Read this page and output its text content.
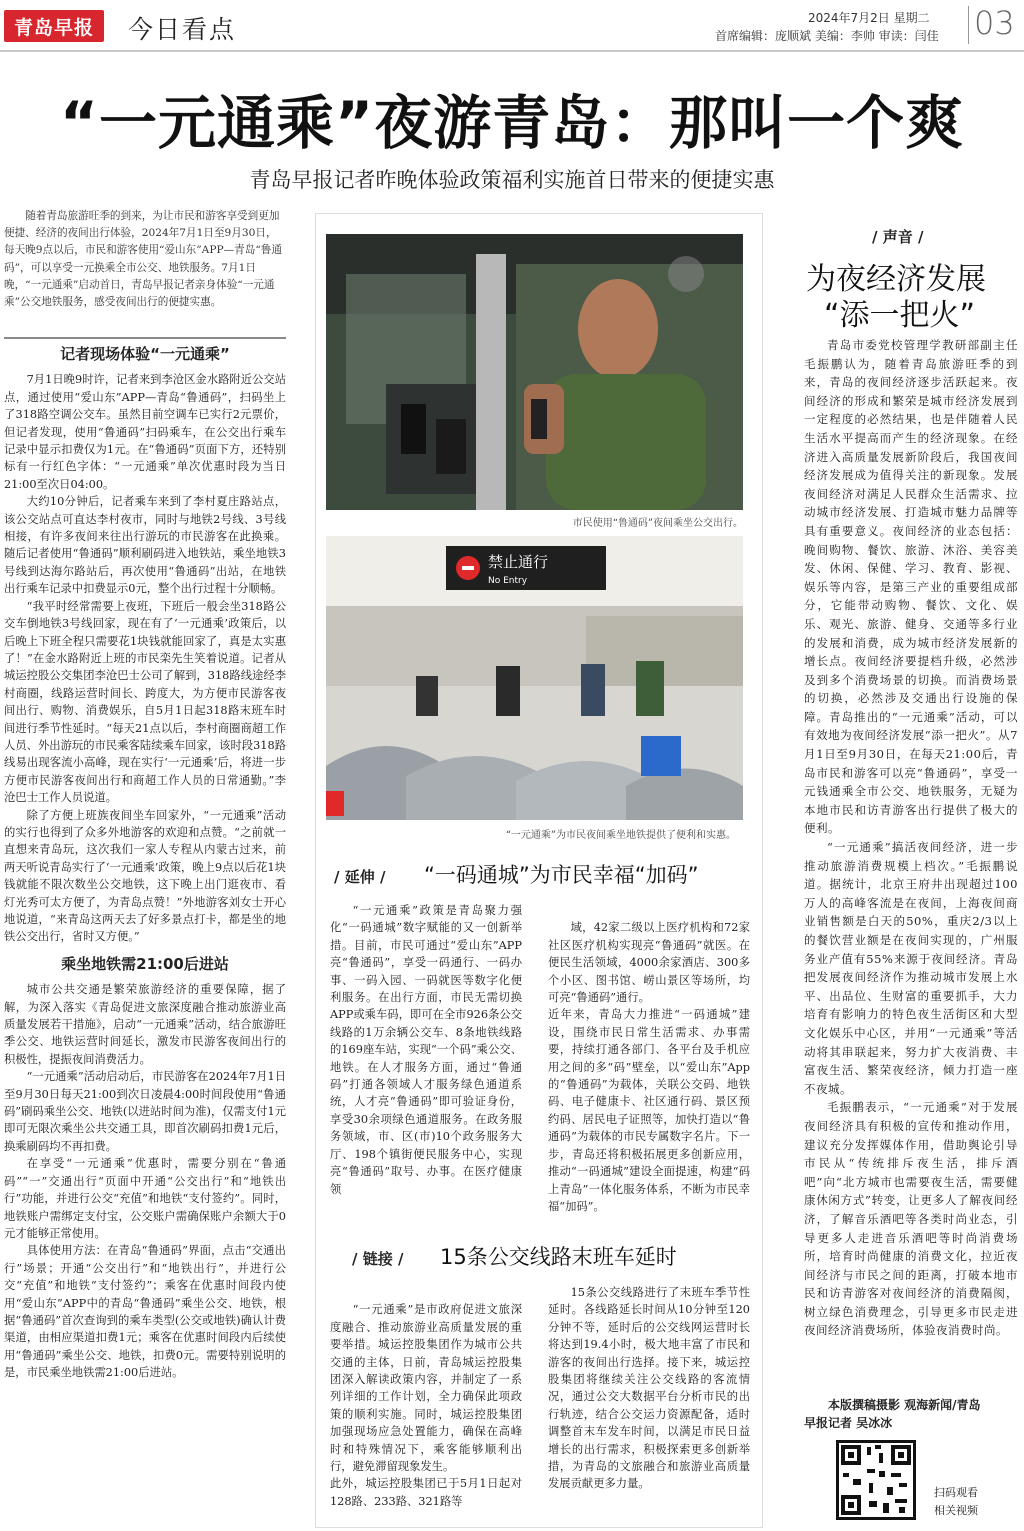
青岛早报	今日看点	2024年7月2日 星期二
首席编辑：庞顺斌 美编：李帅 审读：闫佳 03
“一元通乘”夜游青岛：那叫一个爽
青岛早报记者昨晚体验政策福利实施首日带来的便捷实惠

随着青岛旅游旺季的到来，为让市民和游客享受到更加便捷、经济的夜间出行体验，2024年7月1日至9月30日，每天晚9点以后，市民和游客使用“爱山东”APP—青岛“鲁通码”，可以享受一元换乘全市公交、地铁服务。7月1日晚，“一元通乘”启动首日，青岛早报记者亲身体验“一元通乘”公交地铁服务，感受夜间出行的便捷实惠。

记者现场体验“一元通乘”

7月1日晚9时许，记者来到李沧区金水路附近公交站点，通过使用“爱山东”APP—青岛“鲁通码”，扫码坐上了318路空调公交车。虽然目前空调车已实行2元票价，但记者发现，使用“鲁通码”扫码乘车，在公交出行乘车记录中显示扣费仅为1元。在“鲁通码”页面下方，还特别标有一行红色字体：“一元通乘”单次优惠时段为当日21:00至次日04:00。

大约10分钟后，记者乘车来到了李村夏庄路站点，该公交站点可直达李村夜市，同时与地铁2号线、3号线相接，有许多夜间来往出行游玩的市民游客在此换乘。随后记者使用“鲁通码”顺利刷码进入地铁站，乘坐地铁3号线到达海尔路站后，再次使用“鲁通码”出站，在地铁出行乘车记录中扣费显示0元，整个出行过程十分顺畅。

“我平时经常需要上夜班，下班后一般会坐318路公交车倒地铁3号线回家，现在有了‘一元通乘’政策后，以后晚上下班全程只需要花1块钱就能回家了，真是太实惠了！”在金水路附近上班的市民栾先生笑着说道。记者从城运控股公交集团李沧巴士公司了解到，318路线途经李村商圈，线路运营时间长、跨度大，为方便市民游客夜间出行、购物、消费娱乐，自5月1日起318路末班车时间进行季节性延时。“每天21点以后，李村商圈商超工作人员、外出游玩的市民乘客陆续乘车回家，该时段318路线易出现客流小高峰，现在实行‘一元通乘’后，将进一步方便市民游客夜间出行和商超工作人员的日常通勤。”李沧巴士工作人员说道。

除了方便上班族夜间坐车回家外，“一元通乘”活动的实行也得到了众多外地游客的欢迎和点赞。“之前就一直想来青岛玩，这次我们一家人专程从内蒙古过来，前两天听说青岛实行了‘一元通乘’政策，晚上9点以后花1块钱就能不限次数坐公交地铁，这下晚上出门逛夜市、看灯光秀可太方便了，为青岛点赞！”外地游客刘女士开心地说道，“来青岛这两天去了好多景点打卡，都是坐的地铁公交出行，省时又方便。”

乘坐地铁需21:00后进站

城市公共交通是繁荣旅游经济的重要保障，据了解，为深入落实《青岛促进文旅深度融合推动旅游业高质量发展若干措施》，启动“一元通乘”活动，结合旅游旺季公交、地铁运营时间延长，激发市民游客夜间出行的积极性，提振夜间消费活力。

“一元通乘”活动启动后，市民游客在2024年7月1日至9月30日每天21:00到次日凌晨4:00时间段使用“鲁通码”刷码乘坐公交、地铁(以进站时间为准)，仅需支付1元即可无限次乘坐公共交通工具，即首次刷码扣费1元后，换乘刷码均不再扣费。

在享受“一元通乘”优惠时，需要分别在“鲁通码”“一”交通出行“页面中开通“公交出行”和“地铁出行”功能，并进行公交“充值”和地铁“支付签约”。同时，地铁账户需绑定支付宝，公交账户需确保账户余额大于0元才能够正常使用。

具体使用方法：在青岛“鲁通码”界面，点击“交通出行”场景；开通“公交出行”和“地铁出行”，并进行公交“充值”和地铁“支付签约”；乘客在优惠时间段内使用“爱山东”APP中的青岛“鲁通码”乘坐公交、地铁，根据“鲁通码”首次查询到的乘车类型(公交或地铁)确认计费渠道，由相应渠道扣费1元；乘客在优惠时间段内后续使用“鲁通码”乘坐公交、地铁，扣费0元。需要特别说明的是，市民乘坐地铁需21:00后进站。

市民使用“鲁通码”夜间乘坐公交出行。
禁止通行
No Entry
“一元通乘”为市民夜间乘坐地铁提供了便利和实惠。
/ 延伸 / “一码通城”为市民幸福“加码”

“一元通乘”政策是青岛聚力强化“一码通城”数字赋能的又一创新举措。目前，市民可通过“爱山东”APP亮“鲁通码”，享受一码通行、一码办事、一码入园、一码就医等数字化便利服务。在出行方面，市民无需切换APP或乘车码，即可在全市926条公交线路的1万余辆公交车、8条地铁线路的169座车站，实现“一个码”乘公交、地铁。在人才服务方面，通过“鲁通码”打通各领域人才服务绿色通道系统，人才亮“鲁通码”即可验证身份，享受30余项绿色通道服务。在政务服务领域，市、区(市)10个政务服务大厅、198个镇街便民服务中心，实现亮“鲁通码”取号、办事。在医疗健康领

域，42家二级以上医疗机构和72家社区医疗机构实现亮“鲁通码”就医。在便民生活领域，4000余家酒店、300多个小区、图书馆、崂山景区等场所，均可亮“鲁通码”通行。
近年来，青岛大力推进“一码通城”建设，围绕市民日常生活需求、办事需要，持续打通各部门、各平台及手机应用之间的多“码”壁垒，以“爱山东”App的“鲁通码”为载体，关联公交码、地铁码、电子健康卡、社区通行码、景区预约码、居民电子证照等，加快打造以“鲁通码”为载体的市民专属数字名片。下一步，青岛还将积极拓展更多创新应用，推动“一码通城”建设全面提速，构建“码上青岛”一体化服务体系，不断为市民幸福“加码”。

/ 链接 / 15条公交线路末班车延时

“一元通乘”是市政府促进文旅深度融合、推动旅游业高质量发展的重要举措。城运控股集团作为城市公共交通的主体，日前，青岛城运控股集团深入解读政策内容，并制定了一系列详细的工作计划，全力确保此项政策的顺利实施。同时，城运控股集团加强现场应急处置能力，确保在高峰时和特殊情况下，乘客能够顺利出行，避免滞留现象发生。
此外，城运控股集团已于5月1日起对128路、233路、321路等

15条公交线路进行了末班车季节性延时。各线路延长时间从10分钟至120分钟不等，延时后的公交线网运营时长将达到19.4小时，极大地丰富了市民和游客的夜间出行选择。接下来，城运控股集团将继续关注公交线路的客流情况，通过公交大数据平台分析市民的出行轨迹，结合公交运力资源配备，适时调整首末车发车时间，以满足市民日益增长的出行需求，积极探索更多创新举措，为青岛的文旅融合和旅游业高质量发展贡献更多力量。

/ 声音 /
为夜经济发展
“添一把火”

青岛市委党校管理学教研部副主任毛振鹏认为，随着青岛旅游旺季的到来，青岛的夜间经济逐步活跃起来。夜间经济的形成和繁荣是城市经济发展到一定程度的必然结果，也是伴随着人民生活水平提高而产生的经济现象。在经济进入高质量发展新阶段后，我国夜间经济发展成为值得关注的新现象。发展夜间经济对满足人民群众生活需求、拉动城市经济发展、打造城市魅力品牌等具有重要意义。夜间经济的业态包括：晚间购物、餐饮、旅游、沐浴、美容美发、休闲、保健、学习、教育、影视、娱乐等内容，是第三产业的重要组成部分，它能带动购物、餐饮、文化、娱乐、观光、旅游、健身、交通等多行业的发展和消费，成为城市经济发展新的增长点。夜间经济要提档升级，必然涉及到多个消费场景的切换。而消费场景的切换，必然涉及交通出行设施的保障。青岛推出的“一元通乘”活动，可以有效地为夜间经济发展“添一把火”。从7月1日至9月30日，在每天21:00后，青岛市民和游客可以亮“鲁通码”，享受一元钱通乘全市公交、地铁服务，无疑为本地市民和访青游客出行提供了极大的便利。

“一元通乘”搞活夜间经济，进一步推动旅游消费规模上档次。”毛振鹏说道。据统计，北京王府井出现超过100万人的高峰客流是在夜间，上海夜间商业销售额是白天的50%，重庆2/3以上的餐饮营业额是在夜间实现的，广州服务业产值有55%来源于夜间经济。青岛把发展夜间经济作为推动城市发展上水平、出品位、生财富的重要抓手，大力培育有影响力的特色夜生活街区和大型文化娱乐中心区，并用“一元通乘”等活动将其串联起来，努力扩大夜消费、丰富夜生活、繁荣夜经济，倾力打造一座不夜城。

毛振鹏表示，“一元通乘”对于发展夜间经济具有积极的宣传和推动作用，建议充分发挥媒体作用，借助舆论引导市民从“传统排斥夜生活，排斥酒吧”向“北方城市也需要夜生活，需要健康休闲方式”转变，让更多人了解夜间经济，了解音乐酒吧等各类时尚业态，引导更多人走进音乐酒吧等时尚消费场所，培育时尚健康的消费文化，拉近夜间经济与市民之间的距离，打破本地市民和访青游客对夜间经济的消费隔阂，树立绿色消费理念，引导更多市民走进夜间经济消费场所，体验夜消费时尚。

本版撰稿摄影 观海新闻/青岛
早报记者 吴冰冰
扫码观看
相关视频
